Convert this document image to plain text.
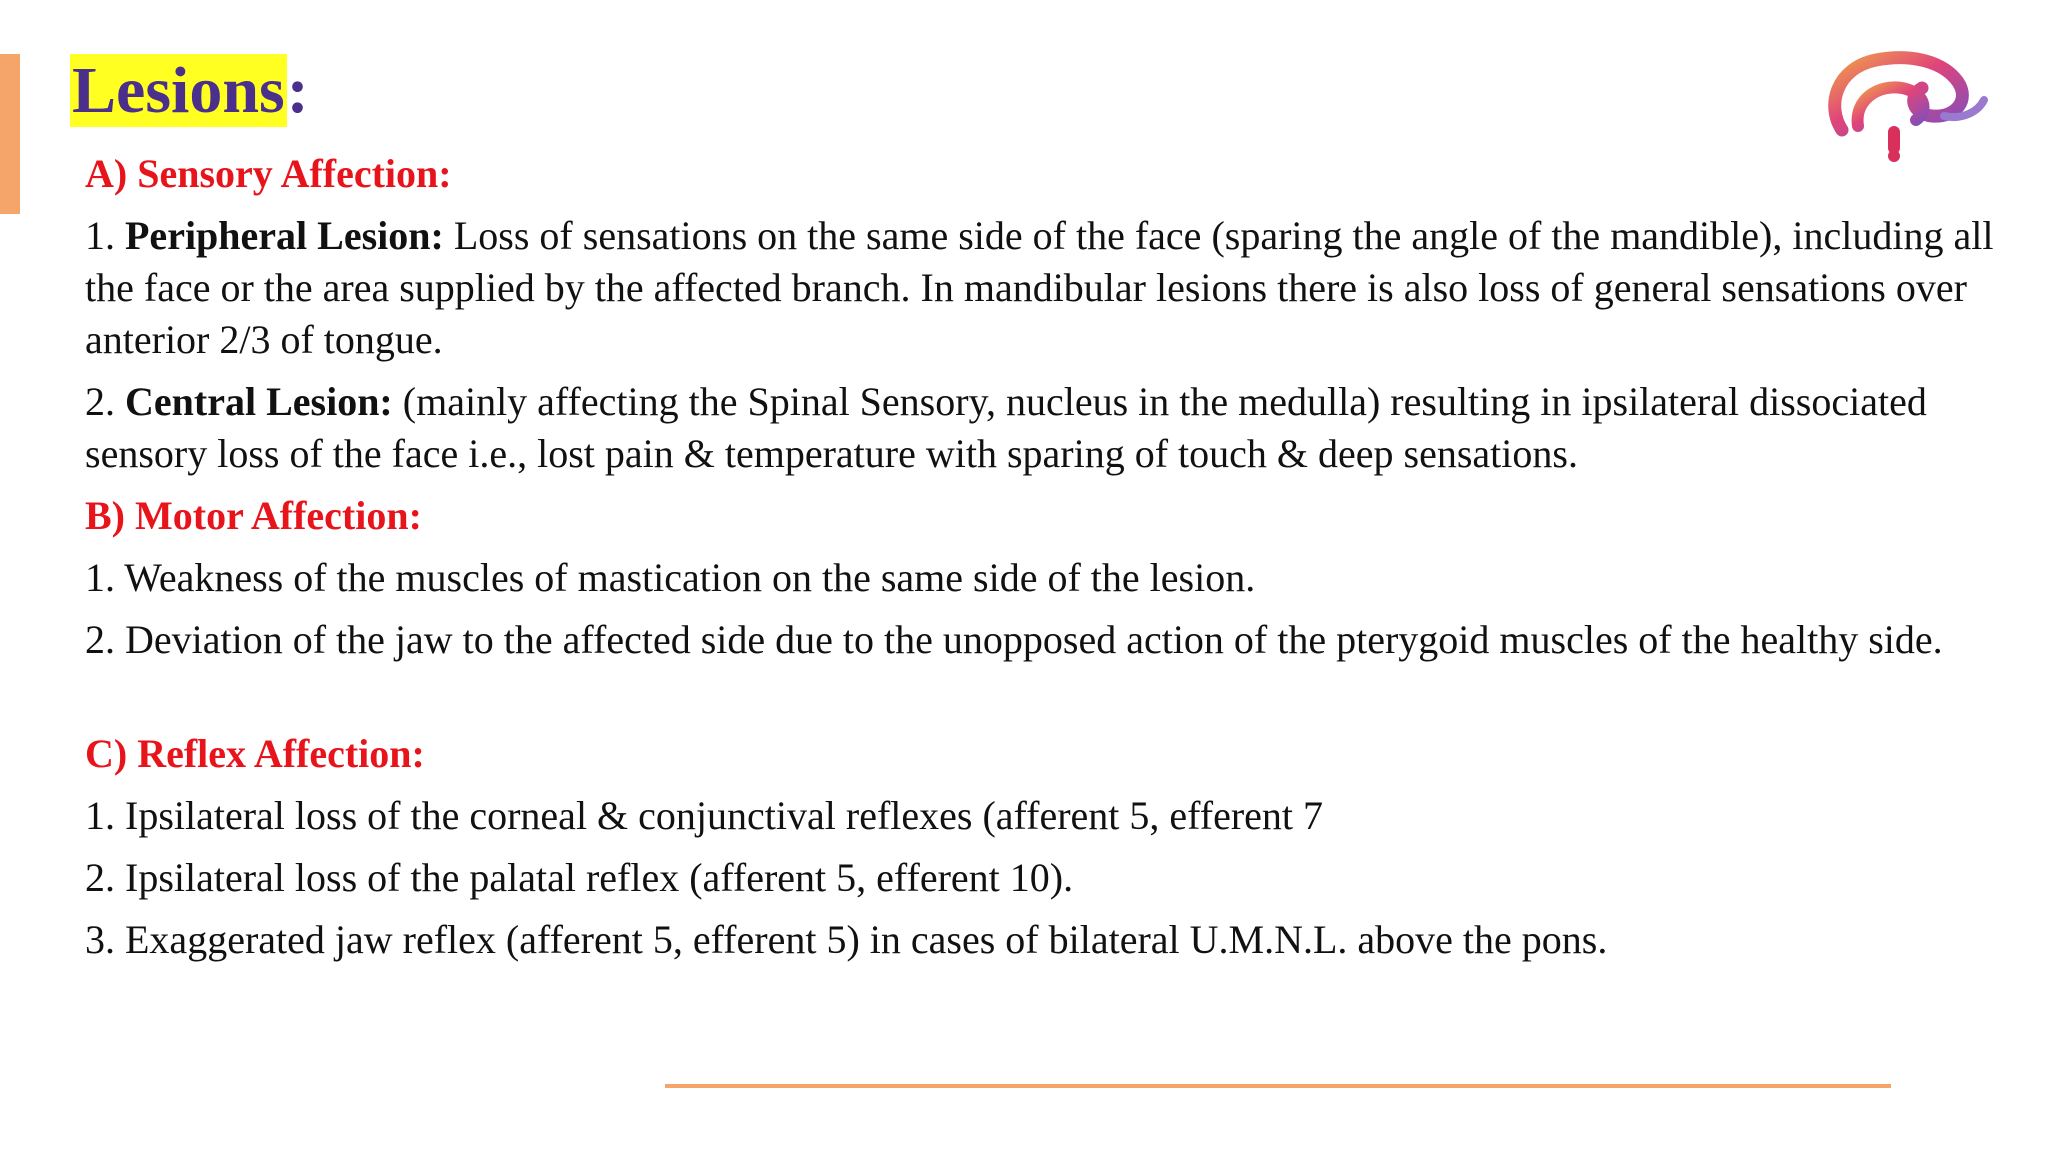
Lesions:

A) Sensory Affection:

1. Peripheral Lesion: Loss of sensations on the same side of the face (sparing the angle of the mandible), including all the face or the area supplied by the affected branch. In mandibular lesions there is also loss of general sensations over anterior 2/3 of tongue.

2. Central Lesion: (mainly affecting the Spinal Sensory, nucleus in the medulla) resulting in ipsilateral dissociated sensory loss of the face i.e., lost pain & temperature with sparing of touch & deep sensations.

B) Motor Affection:

1. Weakness of the muscles of mastication on the same side of the lesion.

2. Deviation of the jaw to the affected side due to the unopposed action of the pterygoid muscles of the healthy side.

C) Reflex Affection:

1. Ipsilateral loss of the corneal & conjunctival reflexes (afferent 5, efferent 7

2. Ipsilateral loss of the palatal reflex (afferent 5, efferent 10).

3. Exaggerated jaw reflex (afferent 5, efferent 5) in cases of bilateral U.M.N.L. above the pons.
